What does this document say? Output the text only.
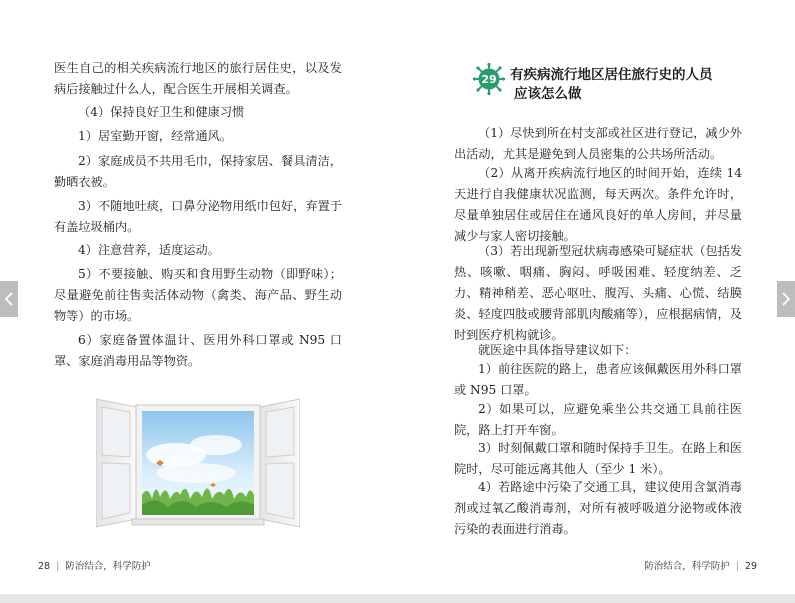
医生自己的相关疾病流行地区的旅行居住史，以及发病后接触过什么人，配合医生开展相关调查。

（4）保持良好卫生和健康习惯

1）居室勤开窗，经常通风。

2）家庭成员不共用毛巾，保持家居、餐具清洁，勤晒衣被。

3）不随地吐痰，口鼻分泌物用纸巾包好，弃置于有盖垃圾桶内。

4）注意营养，适度运动。

5）不要接触、购买和食用野生动物（即野味）；尽量避免前往售卖活体动物（禽类、海产品、野生动物等）的市场。

6）家庭备置体温计、医用外科口罩或 N95 口罩、家庭消毒用品等物资。

28 | 防治结合，科学防护
29 有疾病流行地区居住旅行史的人员
应该怎么做

（1）尽快到所在村支部或社区进行登记，减少外出活动，尤其是避免到人员密集的公共场所活动。

（2）从离开疾病流行地区的时间开始，连续 14 天进行自我健康状况监测，每天两次。条件允许时，尽量单独居住或居住在通风良好的单人房间，并尽量减少与家人密切接触。

（3）若出现新型冠状病毒感染可疑症状（包括发热、咳嗽、咽痛、胸闷、呼吸困难、轻度纳差、乏力、精神稍差、恶心呕吐、腹泻、头痛、心慌、结膜炎、轻度四肢或腰背部肌肉酸痛等），应根据病情，及时到医疗机构就诊。

就医途中具体指导建议如下：

1）前往医院的路上，患者应该佩戴医用外科口罩或 N95 口罩。

2）如果可以，应避免乘坐公共交通工具前往医院，路上打开车窗。

3）时刻佩戴口罩和随时保持手卫生。在路上和医院时，尽可能远离其他人（至少 1 米）。

4）若路途中污染了交通工具，建议使用含氯消毒剂或过氧乙酸消毒剂，对所有被呼吸道分泌物或体液污染的表面进行消毒。

防治结合，科学防护 | 29
